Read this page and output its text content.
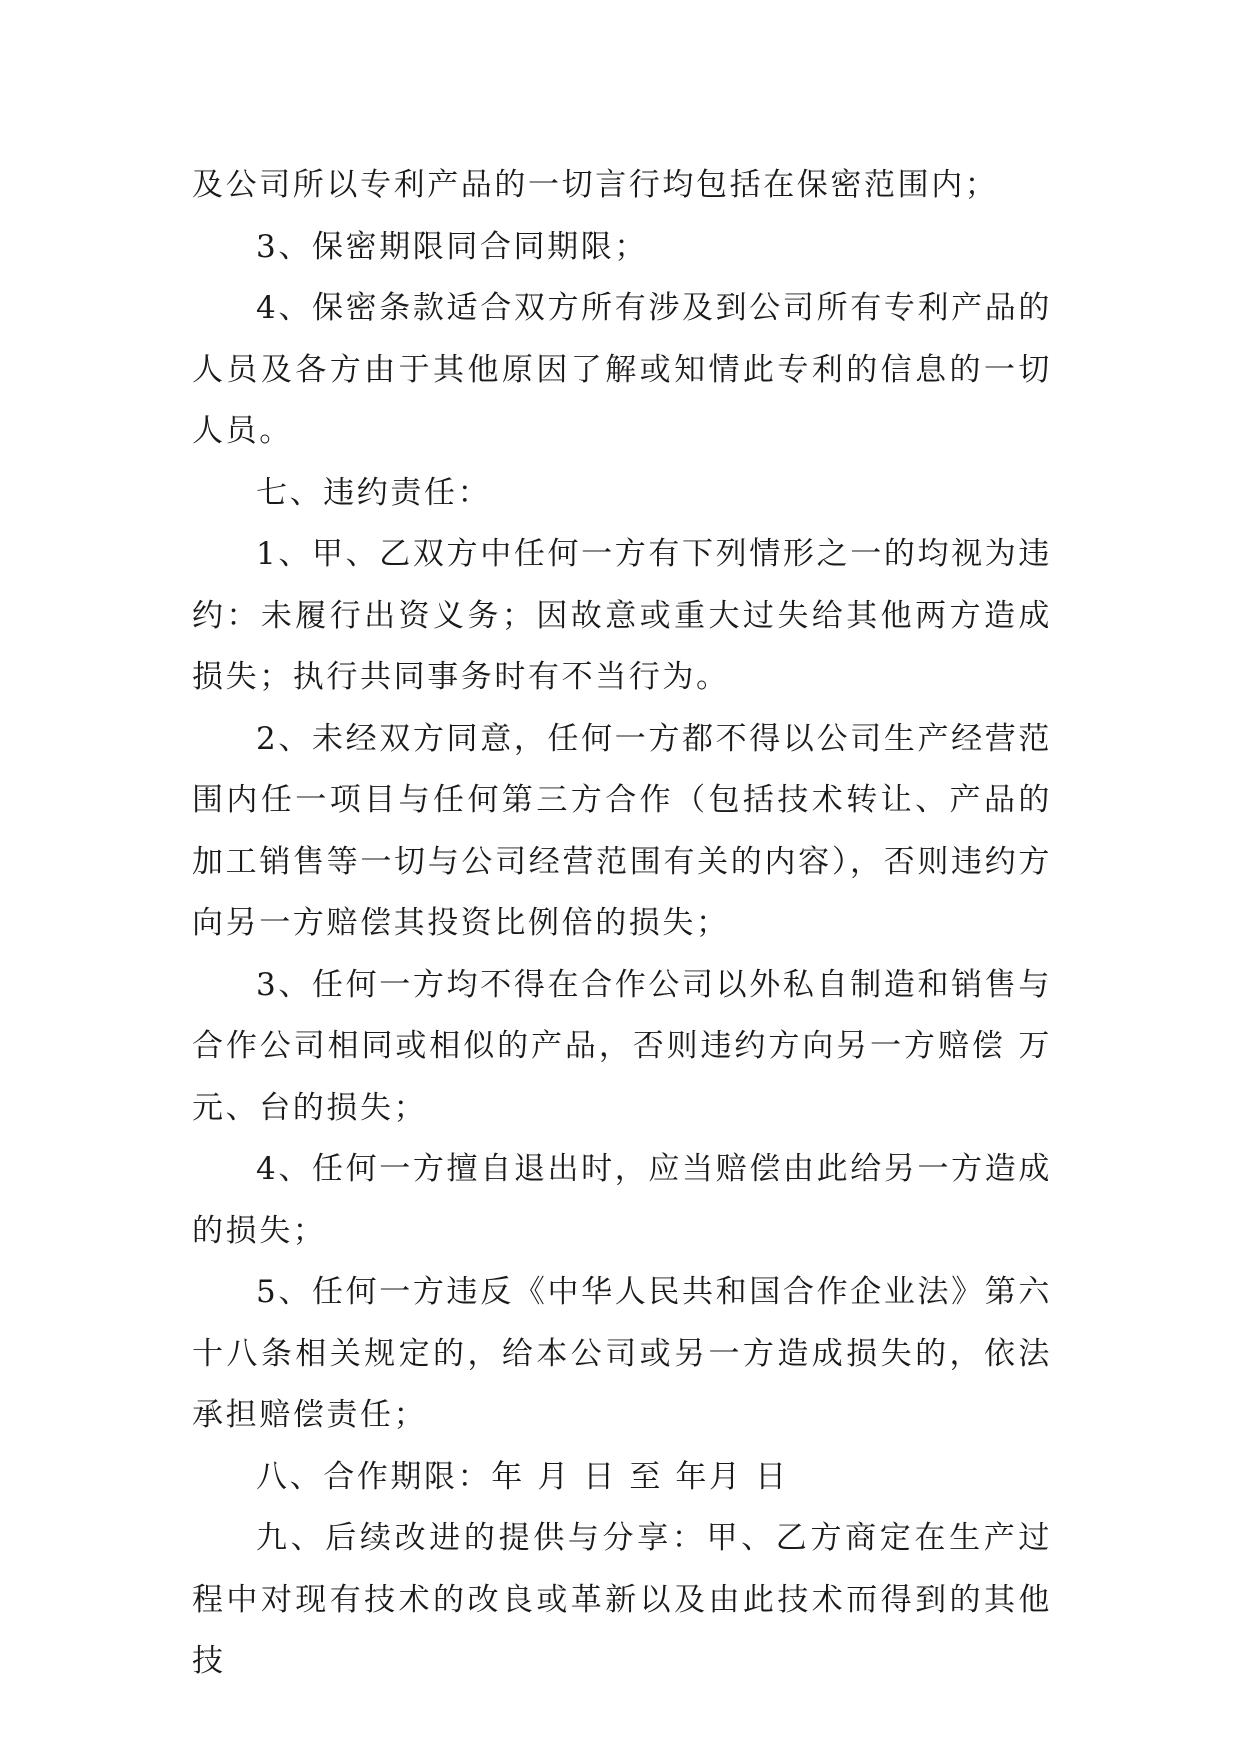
及公司所以专利产品的一切言行均包括在保密范围内；

3、保密期限同合同期限；

4、保密条款适合双方所有涉及到公司所有专利产品的人员及各方由于其他原因了解或知情此专利的信息的一切人员。

七、违约责任：

1、甲、乙双方中任何一方有下列情形之一的均视为违约：未履行出资义务；因故意或重大过失给其他两方造成损失；执行共同事务时有不当行为。

2、未经双方同意，任何一方都不得以公司生产经营范围内任一项目与任何第三方合作（包括技术转让、产品的加工销售等一切与公司经营范围有关的内容），否则违约方向另一方赔偿其投资比例倍的损失；

3、任何一方均不得在合作公司以外私自制造和销售与合作公司相同或相似的产品，否则违约方向另一方赔偿 万元、台的损失；

4、任何一方擅自退出时，应当赔偿由此给另一方造成的损失；

5、任何一方违反《中华人民共和国合作企业法》第六十八条相关规定的，给本公司或另一方造成损失的，依法承担赔偿责任；

八、合作期限：年 月 日 至 年月 日

九、后续改进的提供与分享：甲、乙方商定在生产过程中对现有技术的改良或革新以及由此技术而得到的其他技
